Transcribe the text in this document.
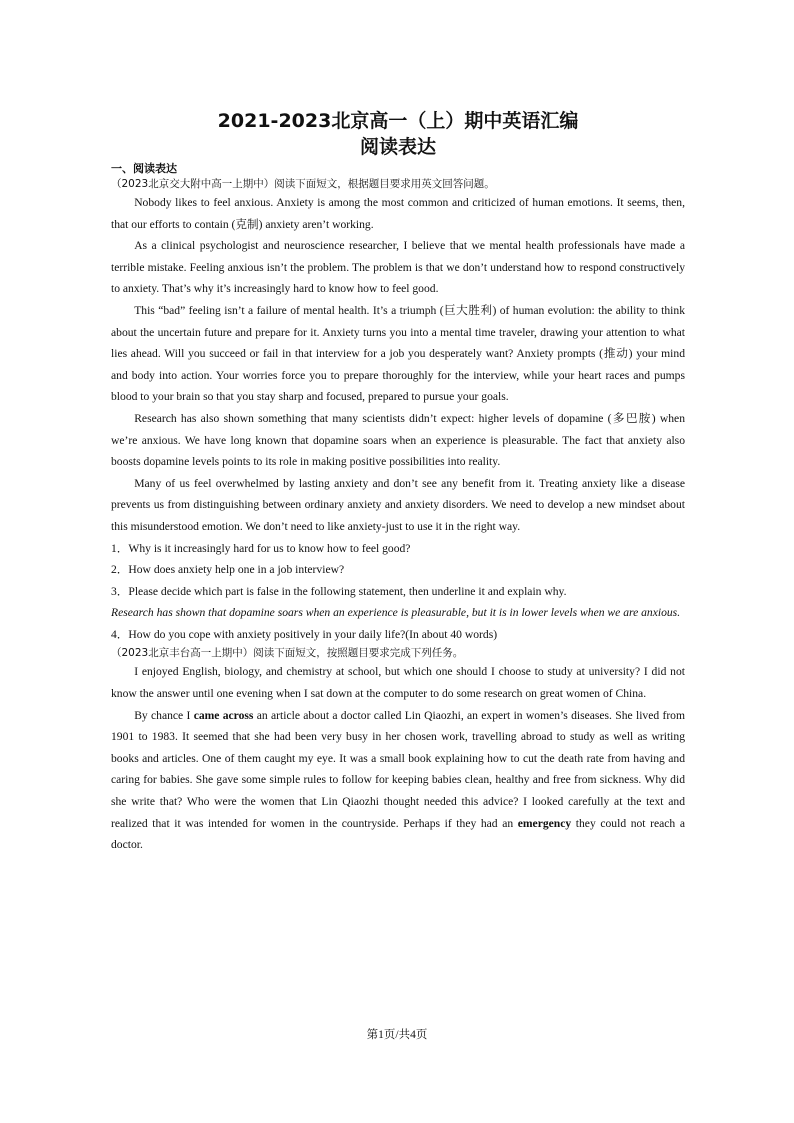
2021-2023北京高一（上）期中英语汇编
阅读表达

一、阅读表达

（2023北京交大附中高一上期中）阅读下面短文，根据题目要求用英文回答问题。

Nobody likes to feel anxious. Anxiety is among the most common and criticized of human emotions. It seems, then, that our efforts to contain (克制) anxiety aren’t working.

As a clinical psychologist and neuroscience researcher, I believe that we mental health professionals have made a terrible mistake. Feeling anxious isn’t the problem. The problem is that we don’t understand how to respond constructively to anxiety. That’s why it’s increasingly hard to know how to feel good.

This “bad” feeling isn’t a failure of mental health. It’s a triumph (巨大胜利) of human evolution: the ability to think about the uncertain future and prepare for it. Anxiety turns you into a mental time traveler, drawing your attention to what lies ahead. Will you succeed or fail in that interview for a job you desperately want? Anxiety prompts (推动) your mind and body into action. Your worries force you to prepare thoroughly for the interview, while your heart races and pumps blood to your brain so that you stay sharp and focused, prepared to pursue your goals.

Research has also shown something that many scientists didn’t expect: higher levels of dopamine (多巴胺) when we’re anxious. We have long known that dopamine soars when an experience is pleasurable. The fact that anxiety also boosts dopamine levels points to its role in making positive possibilities into reality.

Many of us feel overwhelmed by lasting anxiety and don’t see any benefit from it. Treating anxiety like a disease prevents us from distinguishing between ordinary anxiety and anxiety disorders. We need to develop a new mindset about this misunderstood emotion. We don’t need to like anxiety-just to use it in the right way.

1．Why is it increasingly hard for us to know how to feel good?

2．How does anxiety help one in a job interview?

3．Please decide which part is false in the following statement, then underline it and explain why.

Research has shown that dopamine soars when an experience is pleasurable, but it is in lower levels when we are anxious.

4．How do you cope with anxiety positively in your daily life?(In about 40 words)

（2023北京丰台高一上期中）阅读下面短文，按照题目要求完成下列任务。

I enjoyed English, biology, and chemistry at school, but which one should I choose to study at university? I did not know the answer until one evening when I sat down at the computer to do some research on great women of China.

By chance I came across an article about a doctor called Lin Qiaozhi, an expert in women’s diseases. She lived from 1901 to 1983. It seemed that she had been very busy in her chosen work, travelling abroad to study as well as writing books and articles. One of them caught my eye. It was a small book explaining how to cut the death rate from having and caring for babies. She gave some simple rules to follow for keeping babies clean, healthy and free from sickness. Why did she write that? Who were the women that Lin Qiaozhi thought needed this advice? I looked carefully at the text and realized that it was intended for women in the countryside. Perhaps if they had an emergency they could not reach a doctor.

第1页/共4页
